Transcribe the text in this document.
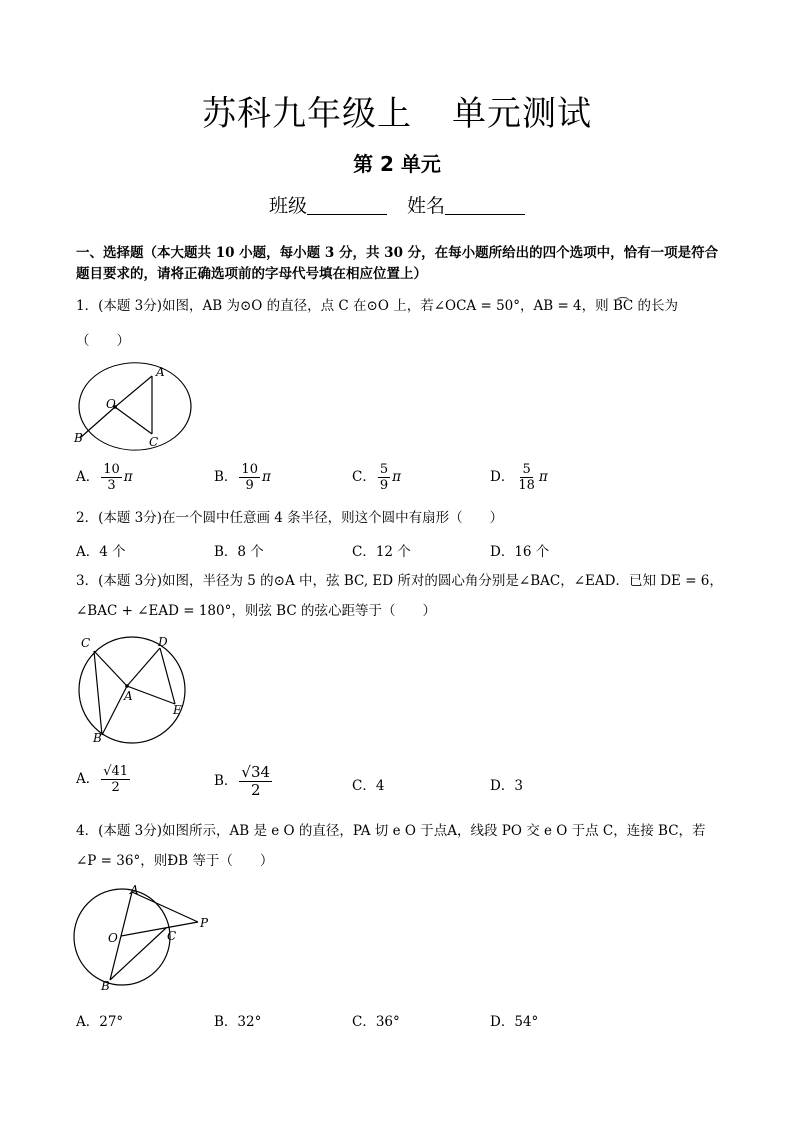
苏科九年级上 单元测试
第 2 单元
班级	姓名
一、选择题（本大题共 10 小题，每小题 3 分，共 30 分，在每小题所给出的四个选项中，恰有一项是符合题目要求的，请将正确选项前的字母代号填在相应位置上）
1．(本题 3分)如图，AB 为⊙O 的直径，点 C 在⊙O 上，若∠OCA = 50°，AB = 4，则 B͡C 的长为
（　　）
A
O
B	C
A． $\frac{10}{3}$ π	B． $\frac{10}{9}$ π	C． $\frac{5}{9}$ π	D． $\frac{5}{18}$ π
2．(本题 3分)在一个圆中任意画 4 条半径，则这个圆中有扇形（　　）
A．4 个	B．8 个	C．12 个	D．16 个
3．(本题 3分)如图，半径为 5 的⊙A 中，弦 BC, ED 所对的圆心角分别是∠BAC，∠EAD．已知 DE = 6，
∠BAC + ∠EAD = 180°，则弦 BC 的弦心距等于（　　）
C	D
A
E
B
A． $\frac{√41}{2}$	B． $\frac{√34}{2}$	C．4	D．3
4．(本题 3分)如图所示，AB 是 e O 的直径，PA 切 e O 于点A，线段 PO 交 e O 于点 C，连接 BC，若
∠P = 36°，则ÐB 等于（　　）
A
P
O	C
B
A．27°	B．32°	C．36°	D．54°
